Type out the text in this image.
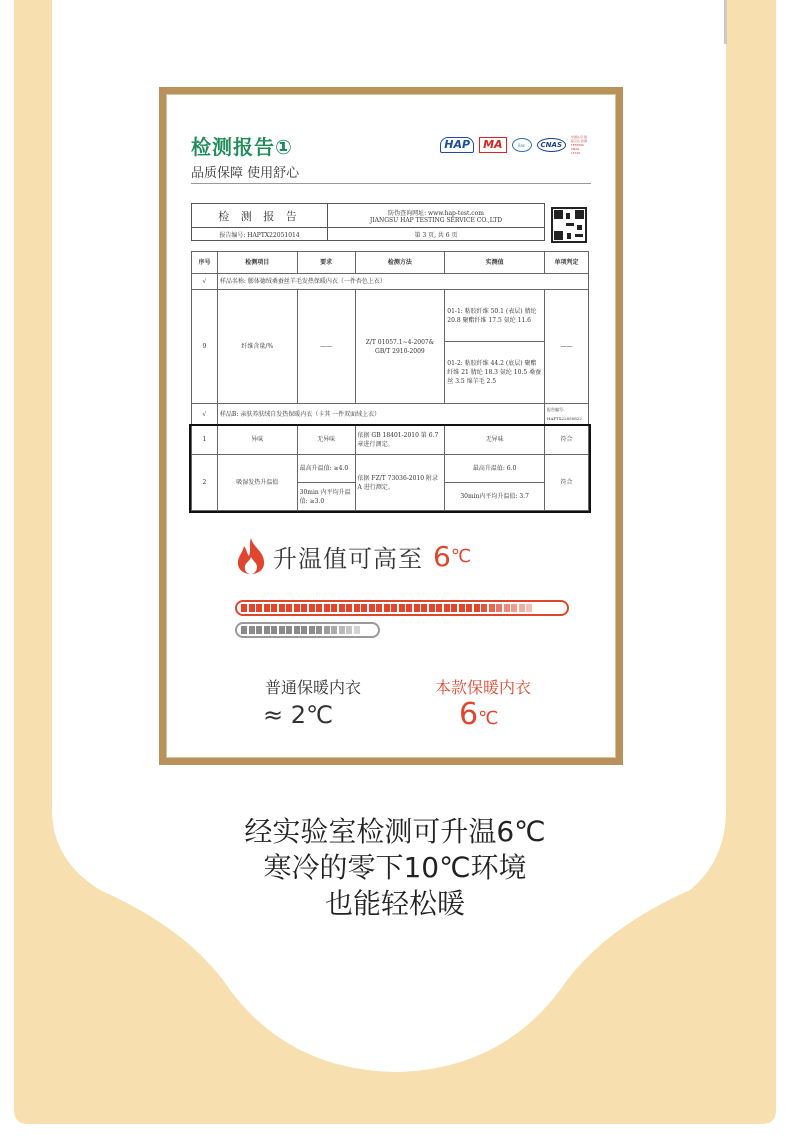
检测报告①
品质保障 使用舒心
HAP	MA	ilac	CNAS
中国认可 国际互认 检测 TESTING CNAS L5710
检 测 报 告	防伪查询网址: www.hap-test.com
JIANGSU HAP TESTING SERVICE CO.,LTD

报告编号: HAPTX22051014	第 3 页, 共 6 页
序号	检测项目	要求	检测方法	实测值	单项判定
√	样品名称: 膨体德绒桑蚕丝羊毛发热保暖内衣（一件杏色上衣）				
9	纤维含量/%	——	Z/T 01057.1~4-2007& GB/T 2910-2009	01-1: 粘胶纤维 50.1 (表层) 腈纶 20.8 聚酯纤维 17.5 氨纶 11.6	——
				01-2: 粘胶纤维 44.2 (底层) 聚酯纤维 21 腈纶 18.3 氨纶 10.5 桑蚕丝 3.5 绵羊毛 2.5	
√	样品B: 亲肤养肤绒自发热保暖内衣（卡其 一件双面绒上衣）				报告编号: HAPTX22050822
1	异味	无异味	依据 GB 18401-2010 第 6.7 章进行测定。	无异味	符合
2	吸湿发热升温值	最高升温值: ≥4.0	依据 FZ/T 73036-2010 附录 A 进行测定。	最高升温值: 6.0	符合
		30min 内平均升温值: ≥3.0		30min内平均升温值: 3.7	
升温值可高至 6 ℃
普通保暖内衣
≈ 2℃
本款保暖内衣
6℃
经实验室检测可升温6℃
寒冷的零下10℃环境
也能轻松暖
